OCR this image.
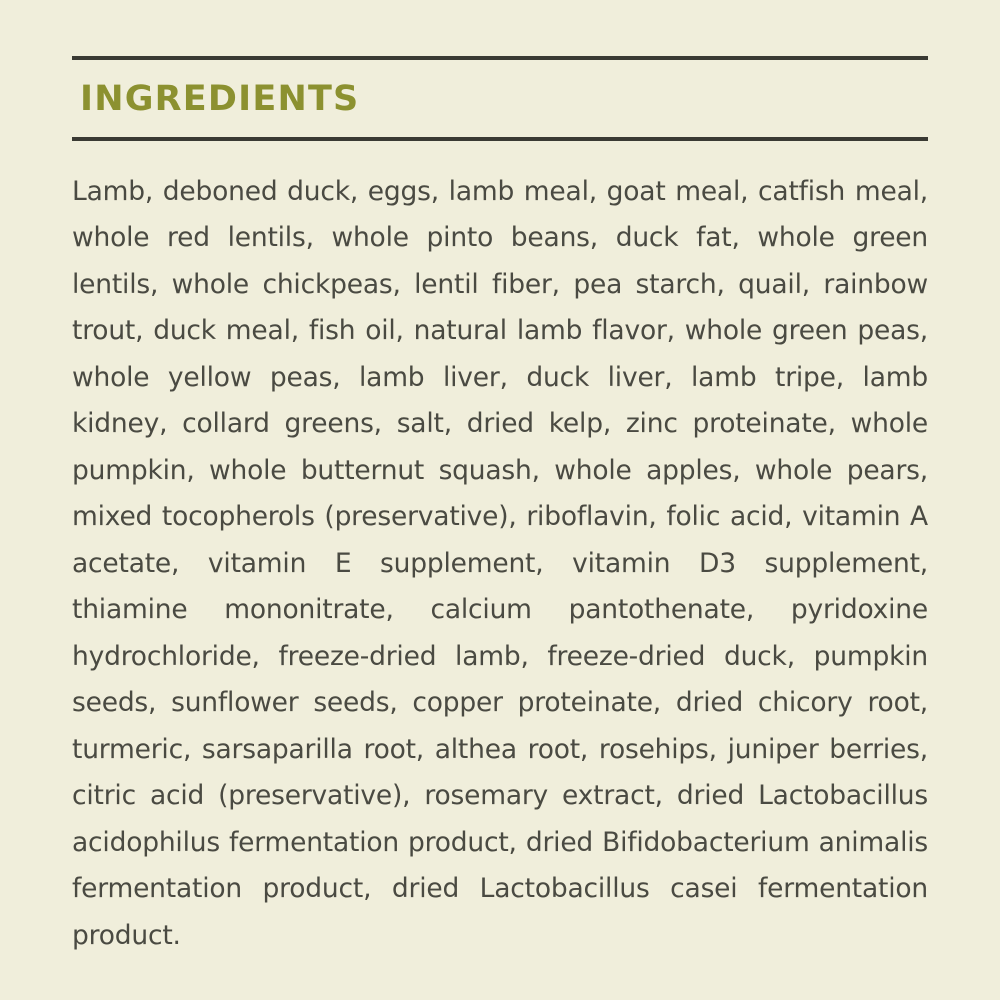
INGREDIENTS
Lamb, deboned duck, eggs, lamb meal, goat meal, catfish meal, whole red lentils, whole pinto beans, duck fat, whole green lentils, whole chickpeas, lentil fiber, pea starch, quail, rainbow trout, duck meal, fish oil, natural lamb flavor, whole green peas, whole yellow peas, lamb liver, duck liver, lamb tripe, lamb kidney, collard greens, salt, dried kelp, zinc proteinate, whole pumpkin, whole butternut squash, whole apples, whole pears, mixed tocopherols (preservative), riboflavin, folic acid, vitamin A acetate, vitamin E supplement, vitamin D3 supplement, thiamine mononitrate, calcium pantothenate, pyridoxine hydrochloride, freeze-dried lamb, freeze-dried duck, pumpkin seeds, sunflower seeds, copper proteinate, dried chicory root, turmeric, sarsaparilla root, althea root, rosehips, juniper berries, citric acid (preservative), rosemary extract, dried Lactobacillus acidophilus fermentation product, dried Bifidobacterium animalis fermentation product, dried Lactobacillus casei fermentation product.
